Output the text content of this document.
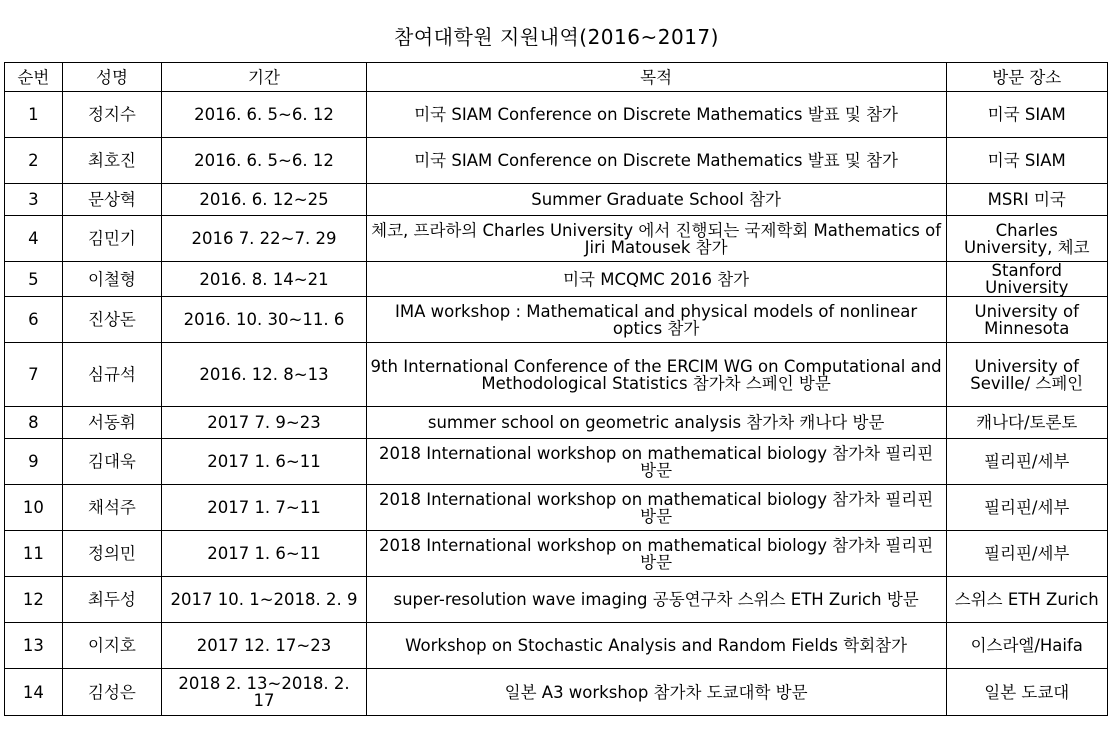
참여대학원 지원내역(2016~2017)
순번	성명	기간	목적	방문 장소
1	정지수	2016. 6. 5~6. 12	미국 SIAM Conference on Discrete Mathematics 발표 및 참가	미국 SIAM
2	최호진	2016. 6. 5~6. 12	미국 SIAM Conference on Discrete Mathematics 발표 및 참가	미국 SIAM
3	문상혁	2016. 6. 12~25	Summer Graduate School 참가	MSRI 미국
4	김민기	2016 7. 22~7. 29	체코, 프라하의 Charles University 에서 진행되는 국제학회 Mathematics of Jiri Matousek 참가	Charles University, 체코
5	이철형	2016. 8. 14~21	미국 MCQMC 2016 참가	Stanford University
6	진상돈	2016. 10. 30~11. 6	IMA workshop : Mathematical and physical models of nonlinear optics 참가	University of Minnesota
7	심규석	2016. 12. 8~13	9th International Conference of the ERCIM WG on Computational and Methodological Statistics 참가차 스페인 방문	University of Seville/ 스페인
8	서동휘	2017 7. 9~23	summer school on geometric analysis 참가차 캐나다 방문	캐나다/토론토
9	김대욱	2017 1. 6~11	2018 International workshop on mathematical biology 참가차 필리핀 방문	필리핀/세부
10	채석주	2017 1. 7~11	2018 International workshop on mathematical biology 참가차 필리핀 방문	필리핀/세부
11	정의민	2017 1. 6~11	2018 International workshop on mathematical biology 참가차 필리핀 방문	필리핀/세부
12	최두성	2017 10. 1~2018. 2. 9	super-resolution wave imaging 공동연구차 스위스 ETH Zurich 방문	스위스 ETH Zurich
13	이지호	2017 12. 17~23	Workshop on Stochastic Analysis and Random Fields 학회참가	이스라엘/Haifa
14	김성은	2018 2. 13~2018. 2. 17	일본 A3 workshop 참가차 도쿄대학 방문	일본 도쿄대
